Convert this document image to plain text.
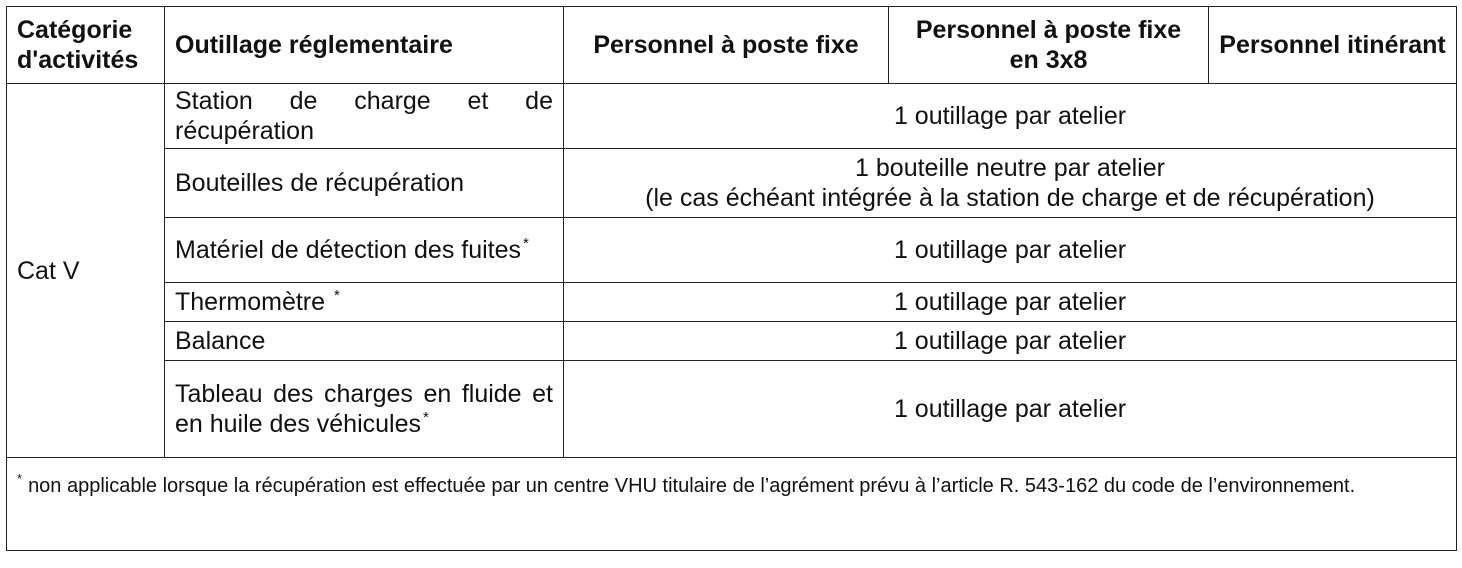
Catégorie d'activités	Outillage réglementaire	Personnel à poste fixe	Personnel à poste fixe en 3x8	Personnel itinérant
Cat V	Station de charge et de récupération	1 outillage par atelier		
	Bouteilles de récupération	1 bouteille neutre par atelier
(le cas échéant intégrée à la station de charge et de récupération)		

	Matériel de détection des fuites *	1 outillage par atelier		
	Thermomètre *	1 outillage par atelier		
	Balance	1 outillage par atelier		
	Tableau des charges en fluide et en huile des véhicules *	1 outillage par atelier		
* non applicable lorsque la récupération est effectuée par un centre VHU titulaire de l’agrément prévu à l’article R. 543-162 du code de l’environnement.				
